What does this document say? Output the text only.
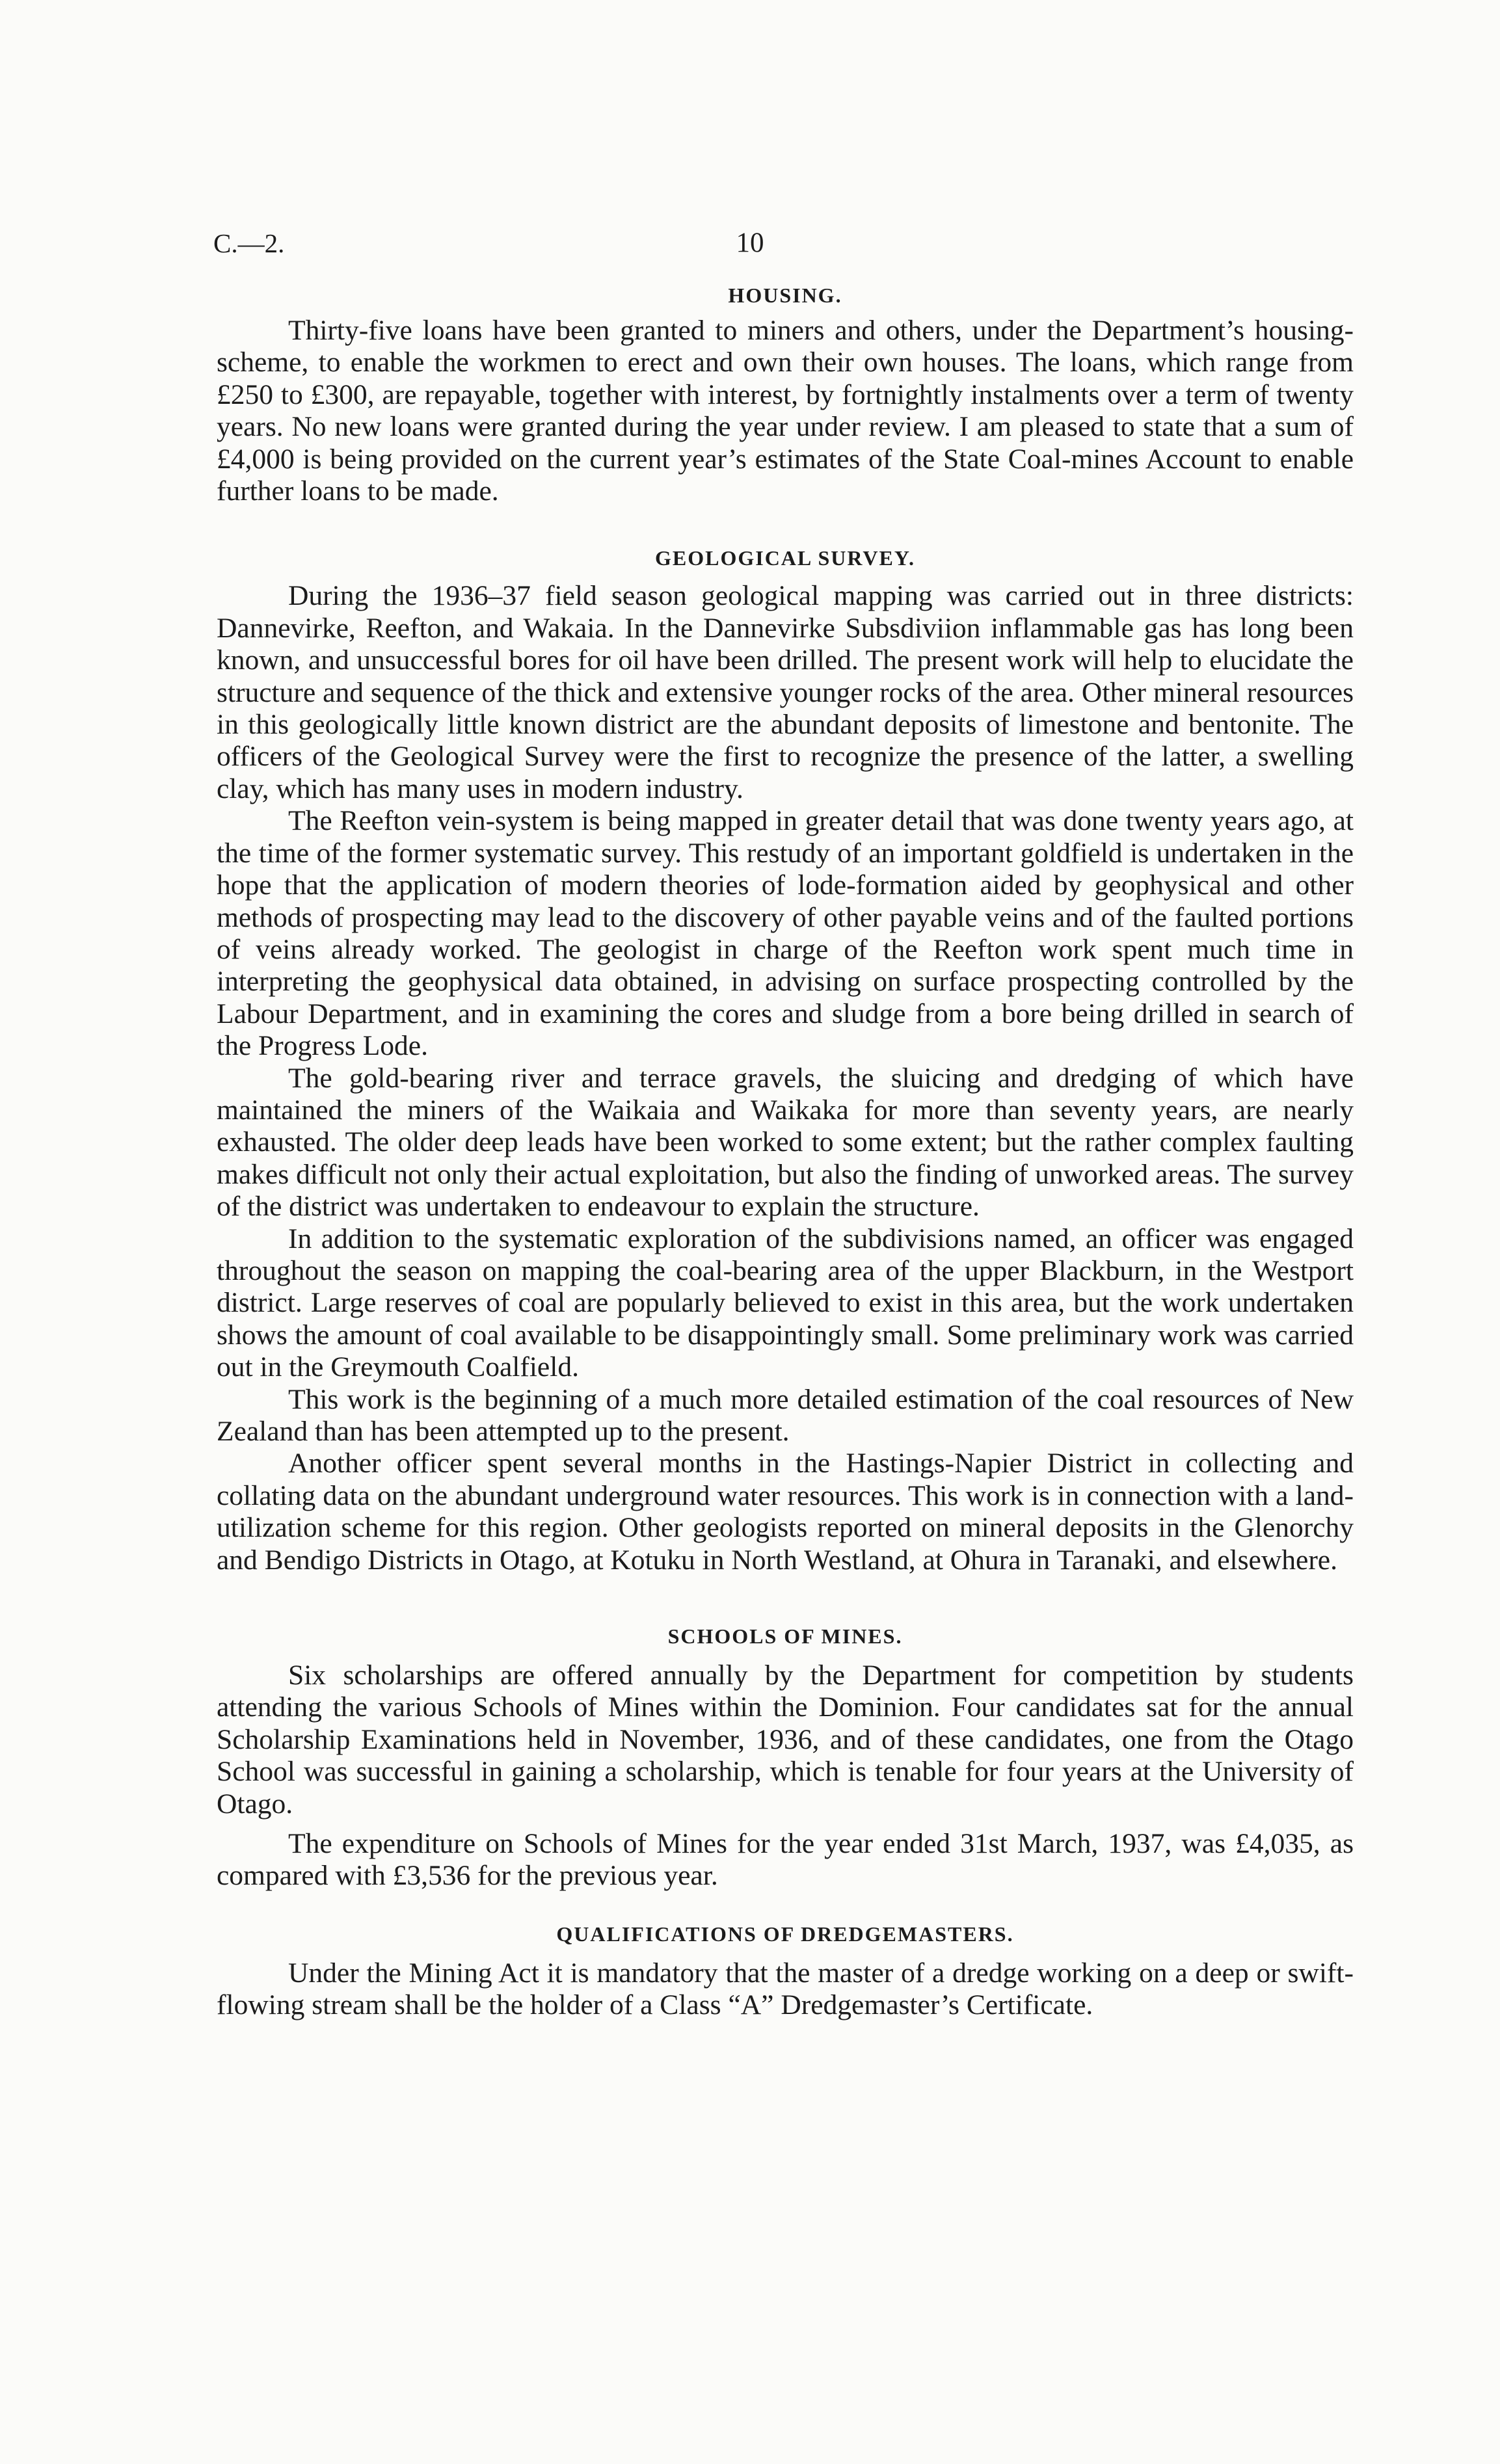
C.—2.	10
HOUSING.

Thirty-five loans have been granted to miners and others, under the Department’s housing-scheme, to enable the workmen to erect and own their own houses. The loans, which range from £250 to £300, are repayable, together with interest, by fortnightly instalments over a term of twenty years. No new loans were granted during the year under review. I am pleased to state that a sum of £4,000 is being provided on the current year’s estimates of the State Coal-mines Account to enable further loans to be made.

GEOLOGICAL SURVEY.

During the 1936–37 field season geological mapping was carried out in three districts: Dannevirke, Reefton, and Wakaia. In the Dannevirke Subsdiviion inflammable gas has long been known, and unsuccessful bores for oil have been drilled. The present work will help to elucidate the structure and sequence of the thick and extensive younger rocks of the area. Other mineral resources in this geologically little known district are the abundant deposits of limestone and bentonite. The officers of the Geological Survey were the first to recognize the presence of the latter, a swelling clay, which has many uses in modern industry.

The Reefton vein-system is being mapped in greater detail that was done twenty years ago, at the time of the former systematic survey. This restudy of an important goldfield is undertaken in the hope that the application of modern theories of lode-formation aided by geophysical and other methods of prospecting may lead to the discovery of other payable veins and of the faulted portions of veins already worked. The geologist in charge of the Reefton work spent much time in interpreting the geophysical data obtained, in advising on surface prospecting controlled by the Labour Department, and in examining the cores and sludge from a bore being drilled in search of the Progress Lode.

The gold-bearing river and terrace gravels, the sluicing and dredging of which have maintained the miners of the Waikaia and Waikaka for more than seventy years, are nearly exhausted. The older deep leads have been worked to some extent; but the rather complex faulting makes difficult not only their actual exploitation, but also the finding of unworked areas. The survey of the district was undertaken to endeavour to explain the structure.

In addition to the systematic exploration of the subdivisions named, an officer was engaged throughout the season on mapping the coal-bearing area of the upper Blackburn, in the Westport district. Large reserves of coal are popularly believed to exist in this area, but the work undertaken shows the amount of coal available to be disappointingly small. Some preliminary work was carried out in the Greymouth Coalfield.

This work is the beginning of a much more detailed estimation of the coal resources of New Zealand than has been attempted up to the present.

Another officer spent several months in the Hastings-Napier District in collecting and collating data on the abundant underground water resources. This work is in connection with a land-utilization scheme for this region. Other geologists reported on mineral deposits in the Glenorchy and Bendigo Districts in Otago, at Kotuku in North Westland, at Ohura in Taranaki, and elsewhere.

SCHOOLS OF MINES.

Six scholarships are offered annually by the Department for competition by students attending the various Schools of Mines within the Dominion. Four candidates sat for the annual Scholarship Examinations held in November, 1936, and of these candidates, one from the Otago School was successful in gaining a scholarship, which is tenable for four years at the University of Otago.

The expenditure on Schools of Mines for the year ended 31st March, 1937, was £4,035, as compared with £3,536 for the previous year.

QUALIFICATIONS OF DREDGEMASTERS.

Under the Mining Act it is mandatory that the master of a dredge working on a deep or swift-flowing stream shall be the holder of a Class “A” Dredgemaster’s Certificate.
